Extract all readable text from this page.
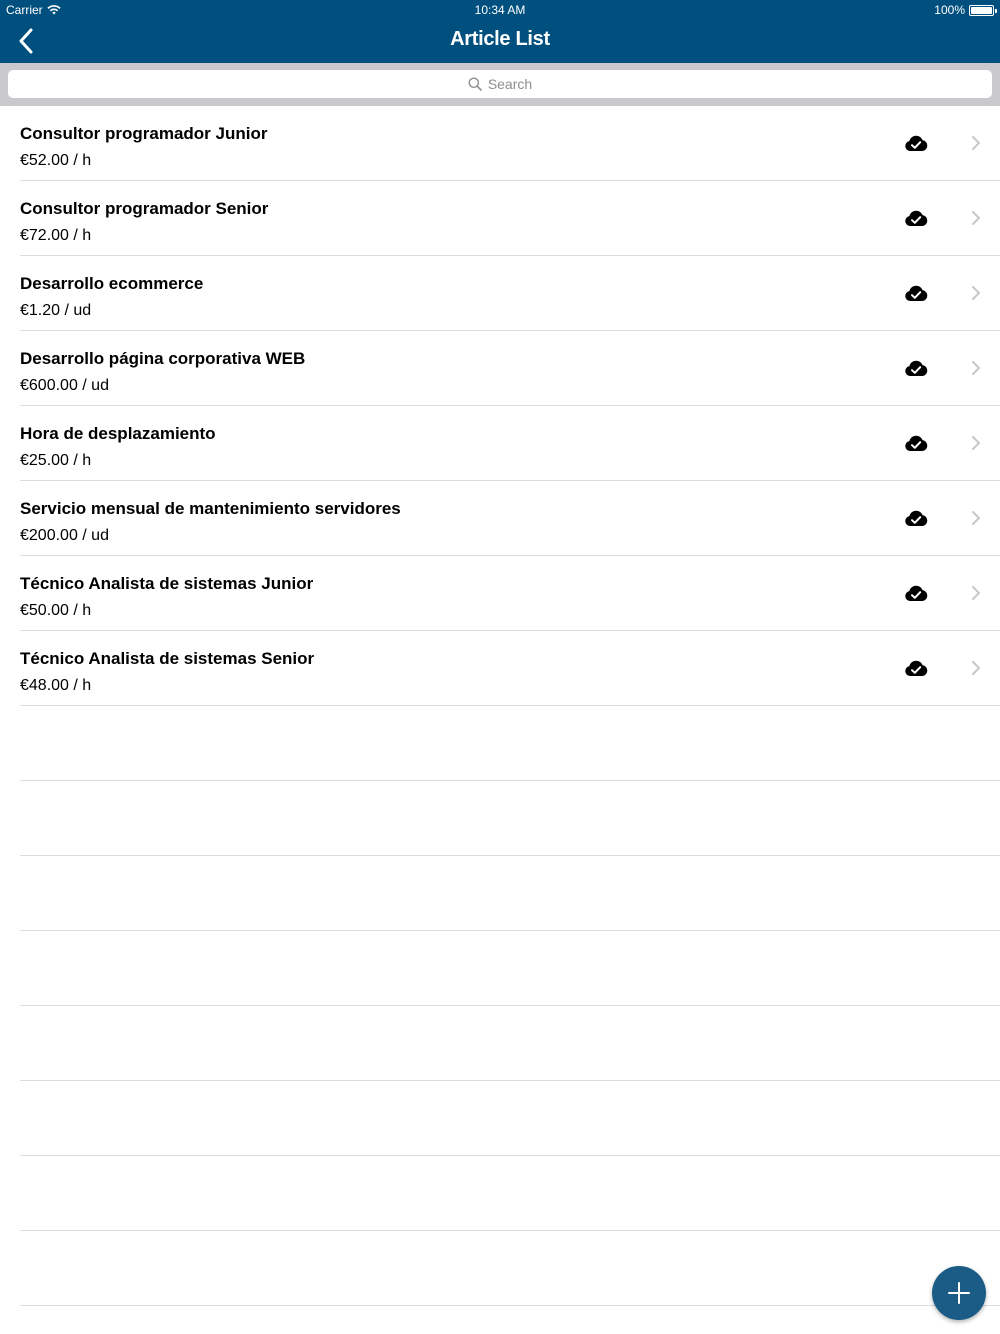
Carrier	10:34 AM	100%
Article List
Search
Consultor programador Junior
€52.00 / h
Consultor programador Senior
€72.00 / h
Desarrollo ecommerce
€1.20 / ud
Desarrollo página corporativa WEB
€600.00 / ud
Hora de desplazamiento
€25.00 / h
Servicio mensual de mantenimiento servidores
€200.00 / ud
Técnico Analista de sistemas Junior
€50.00 / h
Técnico Analista de sistemas Senior
€48.00 / h
